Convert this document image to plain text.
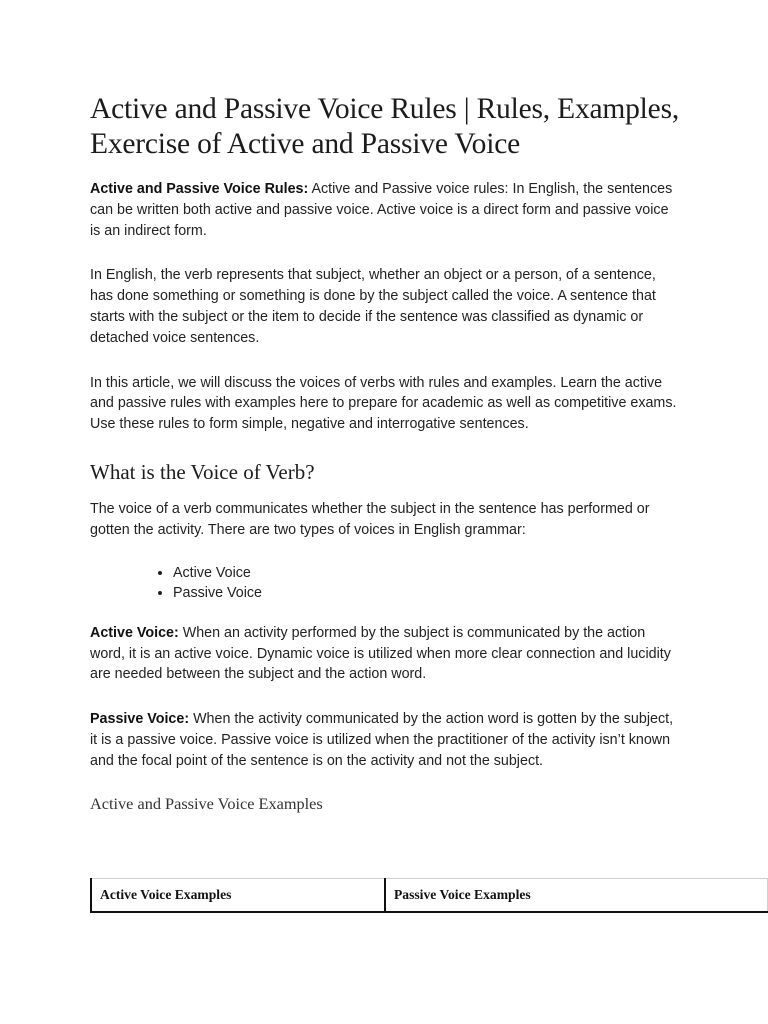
Active and Passive Voice Rules | Rules, Examples, Exercise of Active and Passive Voice

Active and Passive Voice Rules: Active and Passive voice rules: In English, the sentences can be written both active and passive voice. Active voice is a direct form and passive voice is an indirect form.

In English, the verb represents that subject, whether an object or a person, of a sentence, has done something or something is done by the subject called the voice. A sentence that starts with the subject or the item to decide if the sentence was classified as dynamic or detached voice sentences.

In this article, we will discuss the voices of verbs with rules and examples. Learn the active and passive rules with examples here to prepare for academic as well as competitive exams. Use these rules to form simple, negative and interrogative sentences.

What is the Voice of Verb?

The voice of a verb communicates whether the subject in the sentence has performed or gotten the activity. There are two types of voices in English grammar:

• Active Voice
• Passive Voice

Active Voice: When an activity performed by the subject is communicated by the action word, it is an active voice. Dynamic voice is utilized when more clear connection and lucidity are needed between the subject and the action word.

Passive Voice: When the activity communicated by the action word is gotten by the subject, it is a passive voice. Passive voice is utilized when the practitioner of the activity isn’t known and the focal point of the sentence is on the activity and not the subject.

Active and Passive Voice Examples
Active Voice Examples	Passive Voice Examples
